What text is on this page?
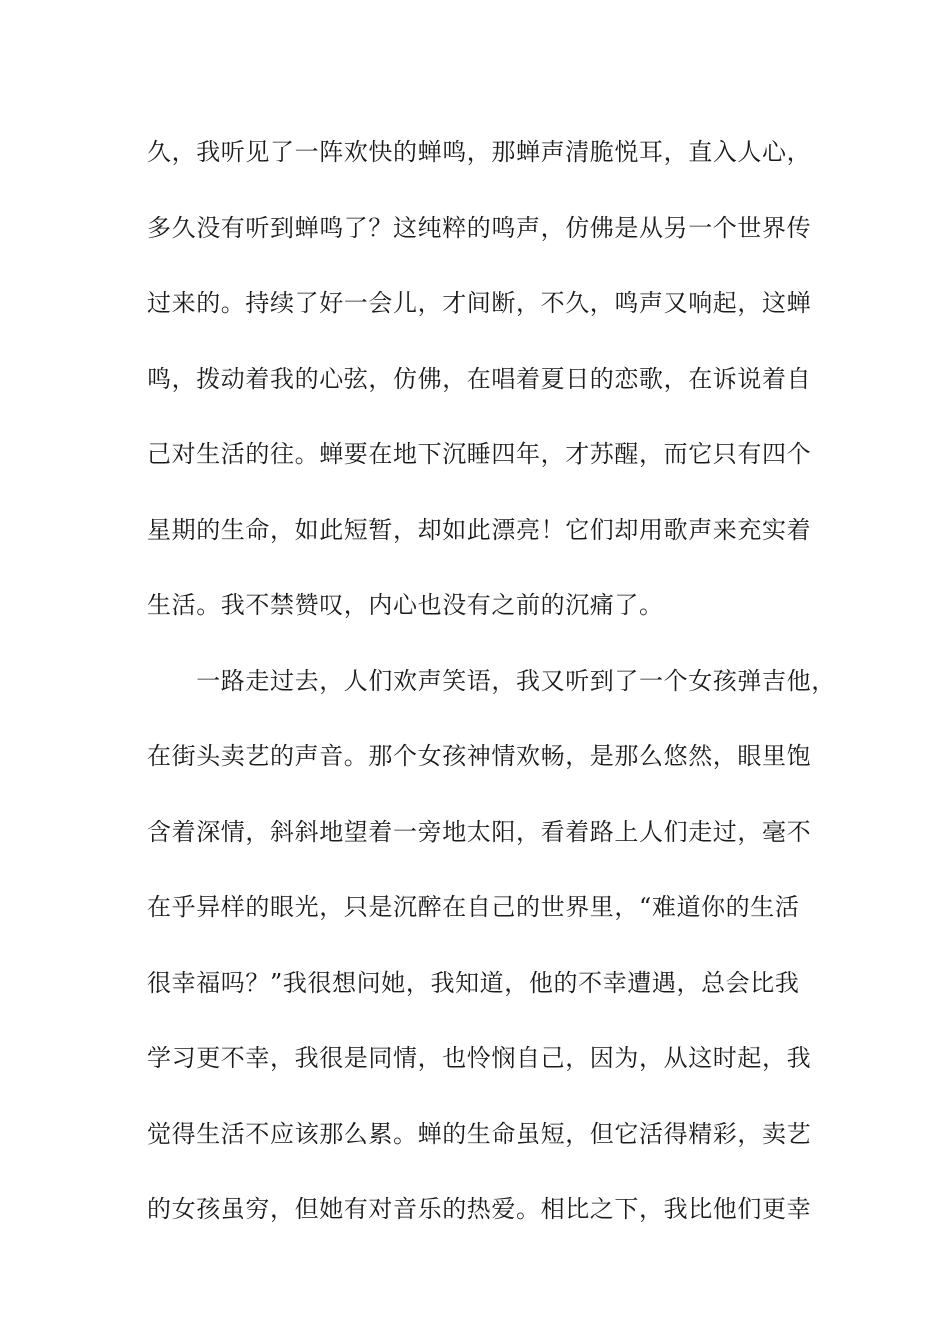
久，我听见了一阵欢快的蝉鸣，那蝉声清脆悦耳，直入人心，
多久没有听到蝉鸣了？这纯粹的鸣声，仿佛是从另一个世界传
过来的。持续了好一会儿，才间断，不久，鸣声又响起，这蝉
鸣，拨动着我的心弦，仿佛，在唱着夏日的恋歌，在诉说着自
己对生活的往。蝉要在地下沉睡四年，才苏醒，而它只有四个
星期的生命，如此短暂，却如此漂亮！它们却用歌声来充实着
生活。我不禁赞叹，内心也没有之前的沉痛了。
　　一路走过去，人们欢声笑语，我又听到了一个女孩弹吉他，
在街头卖艺的声音。那个女孩神情欢畅，是那么悠然，眼里饱
含着深情，斜斜地望着一旁地太阳，看着路上人们走过，毫不
在乎异样的眼光，只是沉醉在自己的世界里，“难道你的生活
很幸福吗？”我很想问她，我知道，他的不幸遭遇，总会比我
学习更不幸，我很是同情，也怜悯自己，因为，从这时起，我
觉得生活不应该那么累。蝉的生命虽短，但它活得精彩，卖艺
的女孩虽穷，但她有对音乐的热爱。相比之下，我比他们更幸
